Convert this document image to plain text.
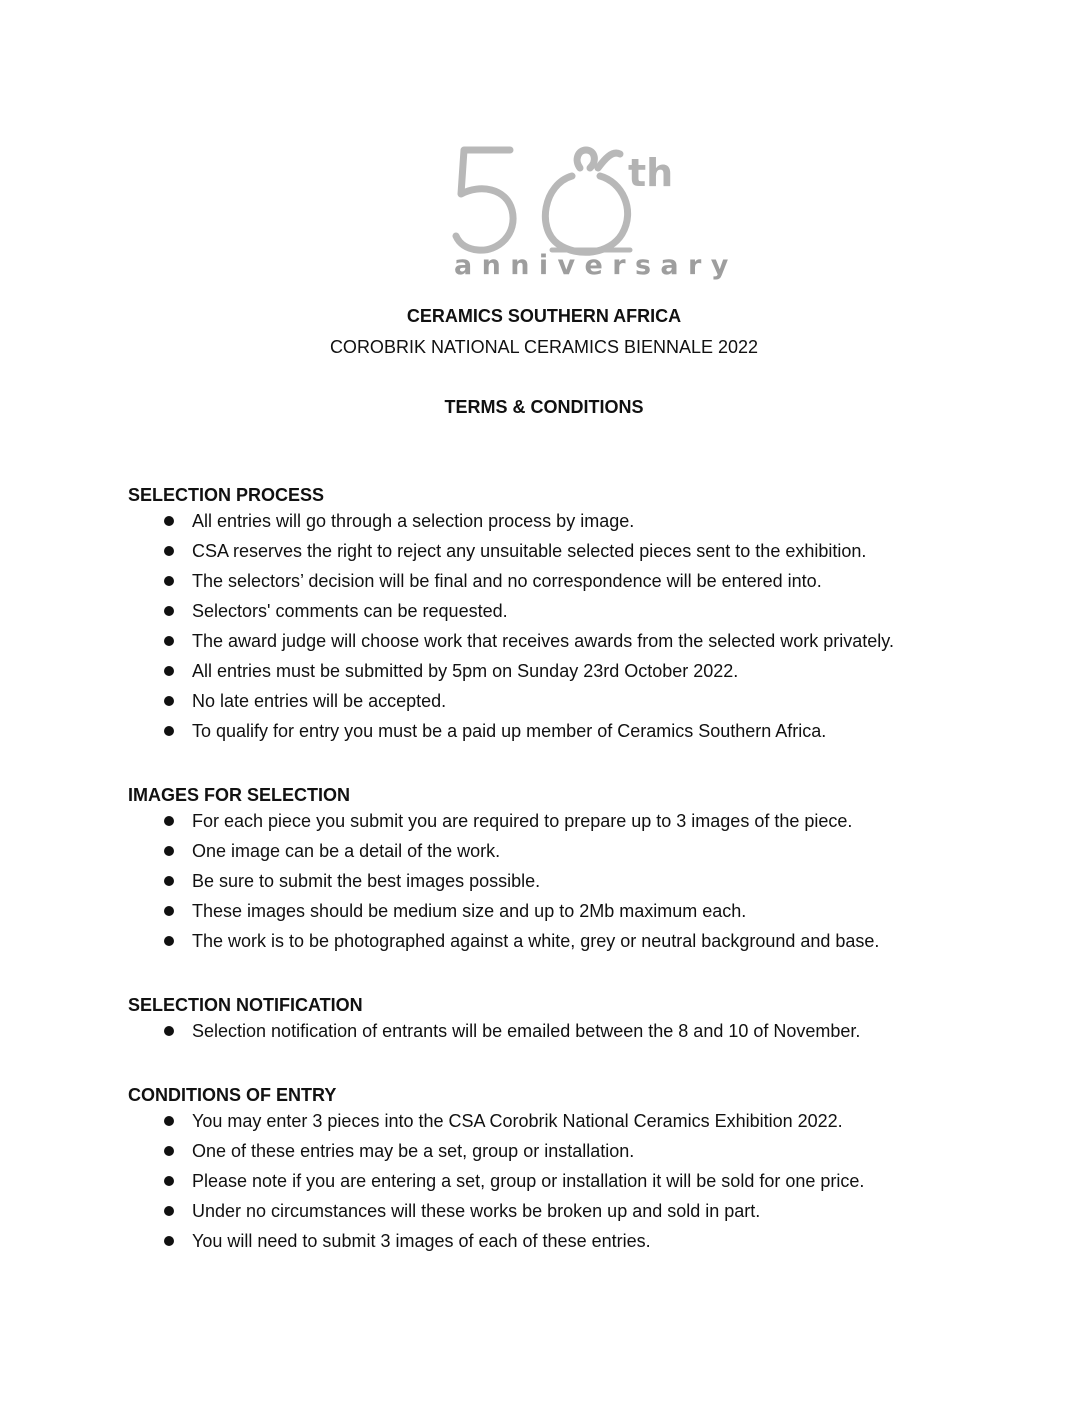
th
anniversary
CERAMICS SOUTHERN AFRICA
COROBRIK NATIONAL CERAMICS BIENNALE 2022
TERMS & CONDITIONS
SELECTION PROCESS
All entries will go through a selection process by image.
CSA reserves the right to reject any unsuitable selected pieces sent to the exhibition.
The selectors’ decision will be final and no correspondence will be entered into.
Selectors' comments can be requested.
The award judge will choose work that receives awards from the selected work privately.
All entries must be submitted by 5pm on Sunday 23rd October 2022.
No late entries will be accepted.
To qualify for entry you must be a paid up member of Ceramics Southern Africa.
IMAGES FOR SELECTION
For each piece you submit you are required to prepare up to 3 images of the piece.
One image can be a detail of the work.
Be sure to submit the best images possible.
These images should be medium size and up to 2Mb maximum each.
The work is to be photographed against a white, grey or neutral background and base.
SELECTION NOTIFICATION
Selection notification of entrants will be emailed between the 8 and 10 of November.
CONDITIONS OF ENTRY
You may enter 3 pieces into the CSA Corobrik National Ceramics Exhibition 2022.
One of these entries may be a set, group or installation.
Please note if you are entering a set, group or installation it will be sold for one price.
Under no circumstances will these works be broken up and sold in part.
You will need to submit 3 images of each of these entries.
